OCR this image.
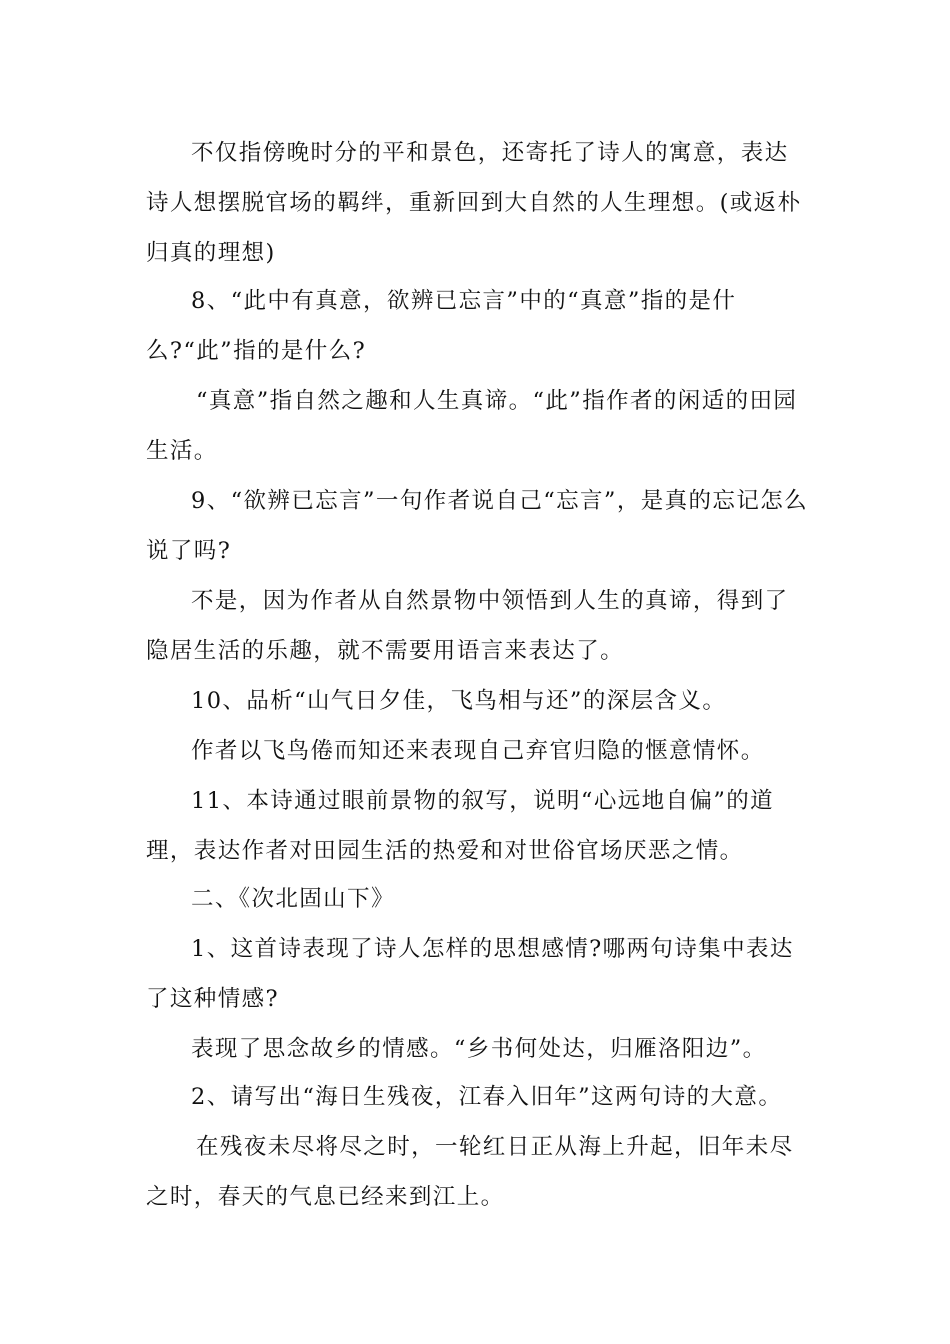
不仅指傍晚时分的平和景色，还寄托了诗人的寓意，表达诗人想摆脱官场的羁绊，重新回到大自然的人生理想。(或返朴归真的理想)

8、“此中有真意，欲辨已忘言”中的“真意”指的是什么?“此”指的是什么?

“真意”指自然之趣和人生真谛。“此”指作者的闲适的田园生活。

9、“欲辨已忘言”一句作者说自己“忘言”，是真的忘记怎么说了吗?

不是，因为作者从自然景物中领悟到人生的真谛，得到了隐居生活的乐趣，就不需要用语言来表达了。

10、品析“山气日夕佳，飞鸟相与还”的深层含义。

作者以飞鸟倦而知还来表现自己弃官归隐的惬意情怀。

11、本诗通过眼前景物的叙写，说明“心远地自偏”的道理，表达作者对田园生活的热爱和对世俗官场厌恶之情。

二、《次北固山下》

1、这首诗表现了诗人怎样的思想感情?哪两句诗集中表达了这种情感?

表现了思念故乡的情感。“乡书何处达，归雁洛阳边”。

2、请写出“海日生残夜，江春入旧年”这两句诗的大意。

在残夜未尽将尽之时，一轮红日正从海上升起，旧年未尽之时，春天的气息已经来到江上。
